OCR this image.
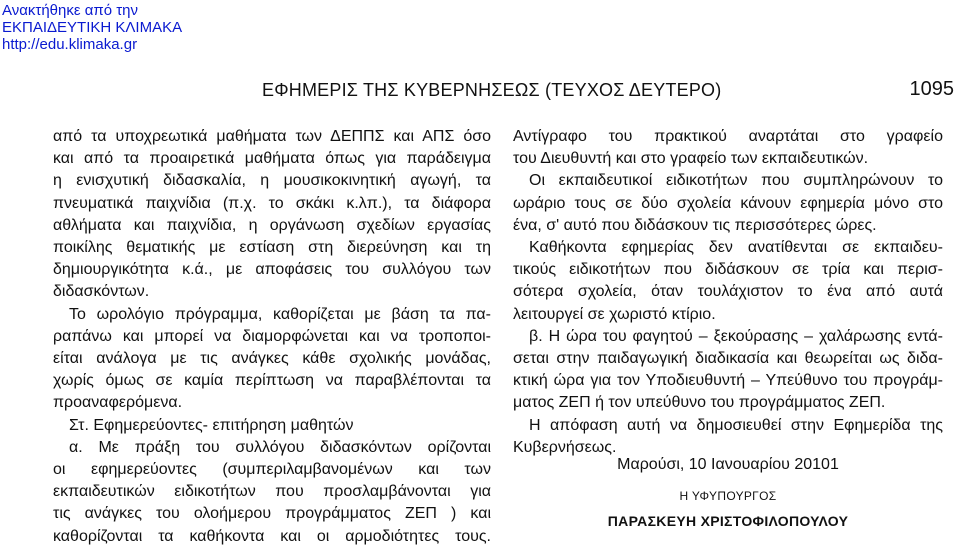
Ανακτήθηκε από την
ΕΚΠΑΙΔΕΥΤΙΚΗ ΚΛΙΜΑΚΑ
http://edu.klimaka.gr
ΕΦΗΜΕΡΙΣ ΤΗΣ ΚΥΒΕΡΝΗΣΕΩΣ (ΤΕΥΧΟΣ ΔΕΥΤΕΡΟ)	1095
από τα υποχρεωτικά μαθήματα των ΔΕΠΠΣ και ΑΠΣ όσο
και από τα προαιρετικά μαθήματα όπως για παράδειγμα
η ενισχυτική διδασκαλία, η μουσικοκινητική αγωγή, τα
πνευματικά παιχνίδια (π.χ. το σκάκι κ.λπ.), τα διάφορα
αθλήματα και παιχνίδια, η οργάνωση σχεδίων εργασίας
ποικίλης θεματικής με εστίαση στη διερεύνηση και τη
δημιουργικότητα κ.ά., με αποφάσεις του συλλόγου των
διδασκόντων.
Το ωρολόγιο πρόγραμμα, καθορίζεται με βάση τα πα‑
ραπάνω και μπορεί να διαμορφώνεται και να τροποποι‑
είται ανάλογα με τις ανάγκες κάθε σχολικής μονάδας,
χωρίς όμως σε καμία περίπτωση να παραβλέπονται τα
προαναφερόμενα.
Στ. Εφημερεύοντες‑ επιτήρηση μαθητών
α. Με πράξη του συλλόγου διδασκόντων ορίζονται
οι εφημερεύοντες (συμπεριλαμβανομένων και των
εκπαιδευτικών ειδικοτήτων που προσλαμβάνονται για
τις ανάγκες του ολοήμερου προγράμματος ΖΕΠ ) και
καθορίζονται τα καθήκοντα και οι αρμοδιότητες τους.
Αντίγραφο του πρακτικού αναρτάται στο γραφείο
του Διευθυντή και στο γραφείο των εκπαιδευτικών.
Οι εκπαιδευτικοί ειδικοτήτων που συμπληρώνουν το
ωράριο τους σε δύο σχολεία κάνουν εφημερία μόνο στο
ένα, σ' αυτό που διδάσκουν τις περισσότερες ώρες.
Καθήκοντα εφημερίας δεν ανατίθενται σε εκπαιδευ‑
τικούς ειδικοτήτων που διδάσκουν σε τρία και περισ‑
σότερα σχολεία, όταν τουλάχιστον το ένα από αυτά
λειτουργεί σε χωριστό κτίριο.
β. Η ώρα του φαγητού – ξεκούρασης – χαλάρωσης εντά‑
σεται στην παιδαγωγική διαδικασία και θεωρείται ως διδα‑
κτική ώρα για τον Υποδιευθυντή – Υπεύθυνο του προγράμ‑
ματος ΖΕΠ ή τον υπεύθυνο του προγράμματος ΖΕΠ.
Η απόφαση αυτή να δημοσιευθεί στην Εφημερίδα της
Κυβερνήσεως.
Μαρούσι, 10 Ιανουαρίου 20101
Η ΥΦΥΠΟΥΡΓΟΣ
ΠΑΡΑΣΚΕΥΗ ΧΡΙΣΤΟΦΙΛΟΠΟΥΛΟΥ
